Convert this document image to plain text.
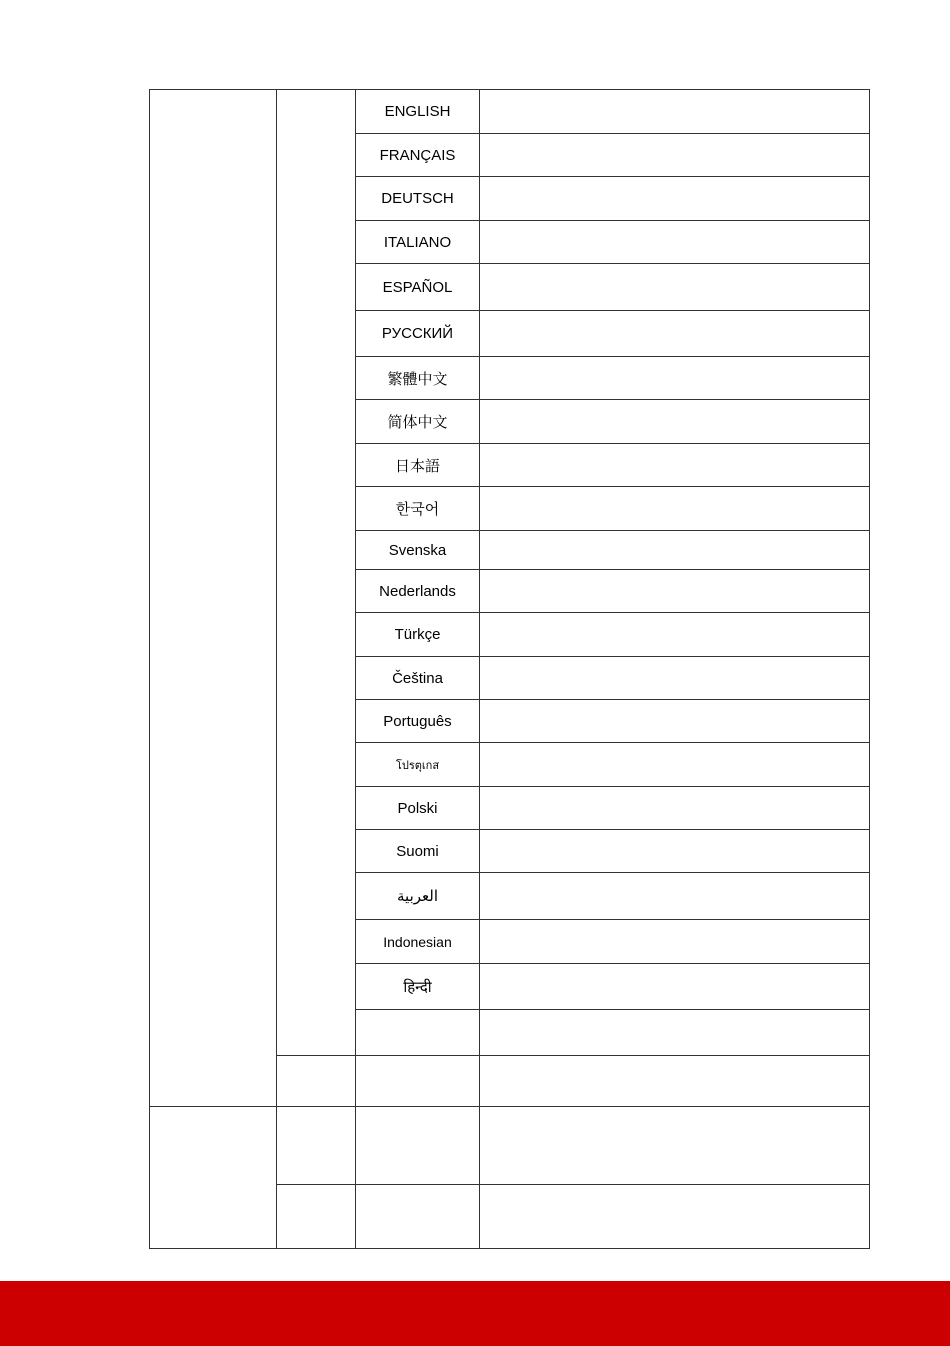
		ENGLISH	
		FRANÇAIS	
		DEUTSCH	
		ITALIANO	
		ESPAÑOL	
		РУССКИЙ	
		繁體中文	
		简体中文	
		日本語	
		한국어	
		Svenska	
		Nederlands	
		Türkçe	
		Čeština	
		Português	
		โปรตุเกส	
		Polski	
		Suomi	
		العربية	
		Indonesian	
		हिन्दी	
